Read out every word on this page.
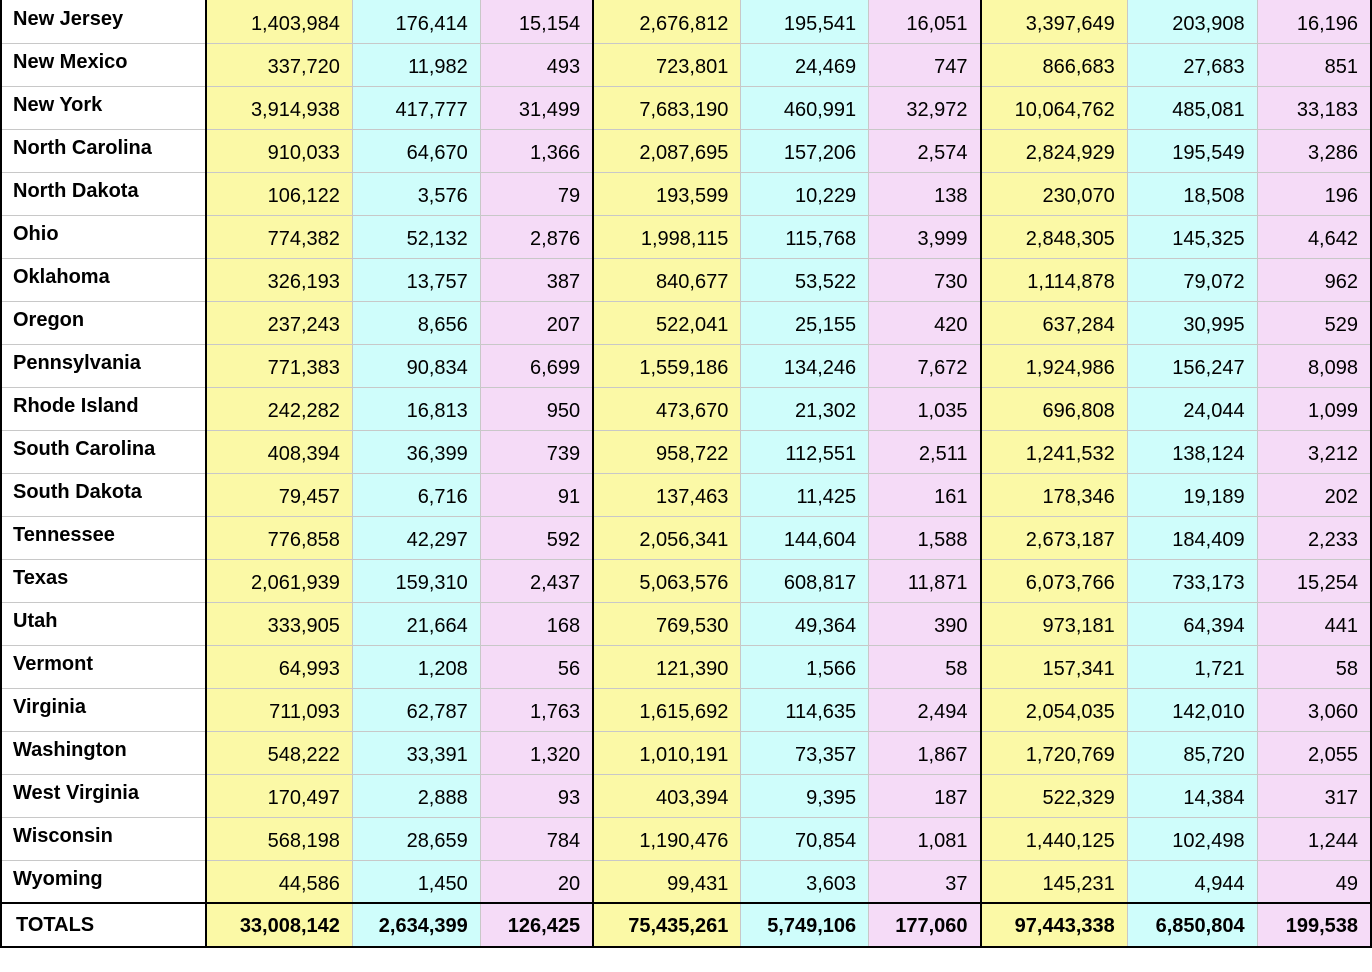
New Jersey	1,403,984	176,414	15,154	2,676,812	195,541	16,051	3,397,649	203,908	16,196
New Mexico	337,720	11,982	493	723,801	24,469	747	866,683	27,683	851
New York	3,914,938	417,777	31,499	7,683,190	460,991	32,972	10,064,762	485,081	33,183
North Carolina	910,033	64,670	1,366	2,087,695	157,206	2,574	2,824,929	195,549	3,286
North Dakota	106,122	3,576	79	193,599	10,229	138	230,070	18,508	196
Ohio	774,382	52,132	2,876	1,998,115	115,768	3,999	2,848,305	145,325	4,642
Oklahoma	326,193	13,757	387	840,677	53,522	730	1,114,878	79,072	962
Oregon	237,243	8,656	207	522,041	25,155	420	637,284	30,995	529
Pennsylvania	771,383	90,834	6,699	1,559,186	134,246	7,672	1,924,986	156,247	8,098
Rhode Island	242,282	16,813	950	473,670	21,302	1,035	696,808	24,044	1,099
South Carolina	408,394	36,399	739	958,722	112,551	2,511	1,241,532	138,124	3,212
South Dakota	79,457	6,716	91	137,463	11,425	161	178,346	19,189	202
Tennessee	776,858	42,297	592	2,056,341	144,604	1,588	2,673,187	184,409	2,233
Texas	2,061,939	159,310	2,437	5,063,576	608,817	11,871	6,073,766	733,173	15,254
Utah	333,905	21,664	168	769,530	49,364	390	973,181	64,394	441
Vermont	64,993	1,208	56	121,390	1,566	58	157,341	1,721	58
Virginia	711,093	62,787	1,763	1,615,692	114,635	2,494	2,054,035	142,010	3,060
Washington	548,222	33,391	1,320	1,010,191	73,357	1,867	1,720,769	85,720	2,055
West Virginia	170,497	2,888	93	403,394	9,395	187	522,329	14,384	317
Wisconsin	568,198	28,659	784	1,190,476	70,854	1,081	1,440,125	102,498	1,244
Wyoming	44,586	1,450	20	99,431	3,603	37	145,231	4,944	49
TOTALS	33,008,142	2,634,399	126,425	75,435,261	5,749,106	177,060	97,443,338	6,850,804	199,538
